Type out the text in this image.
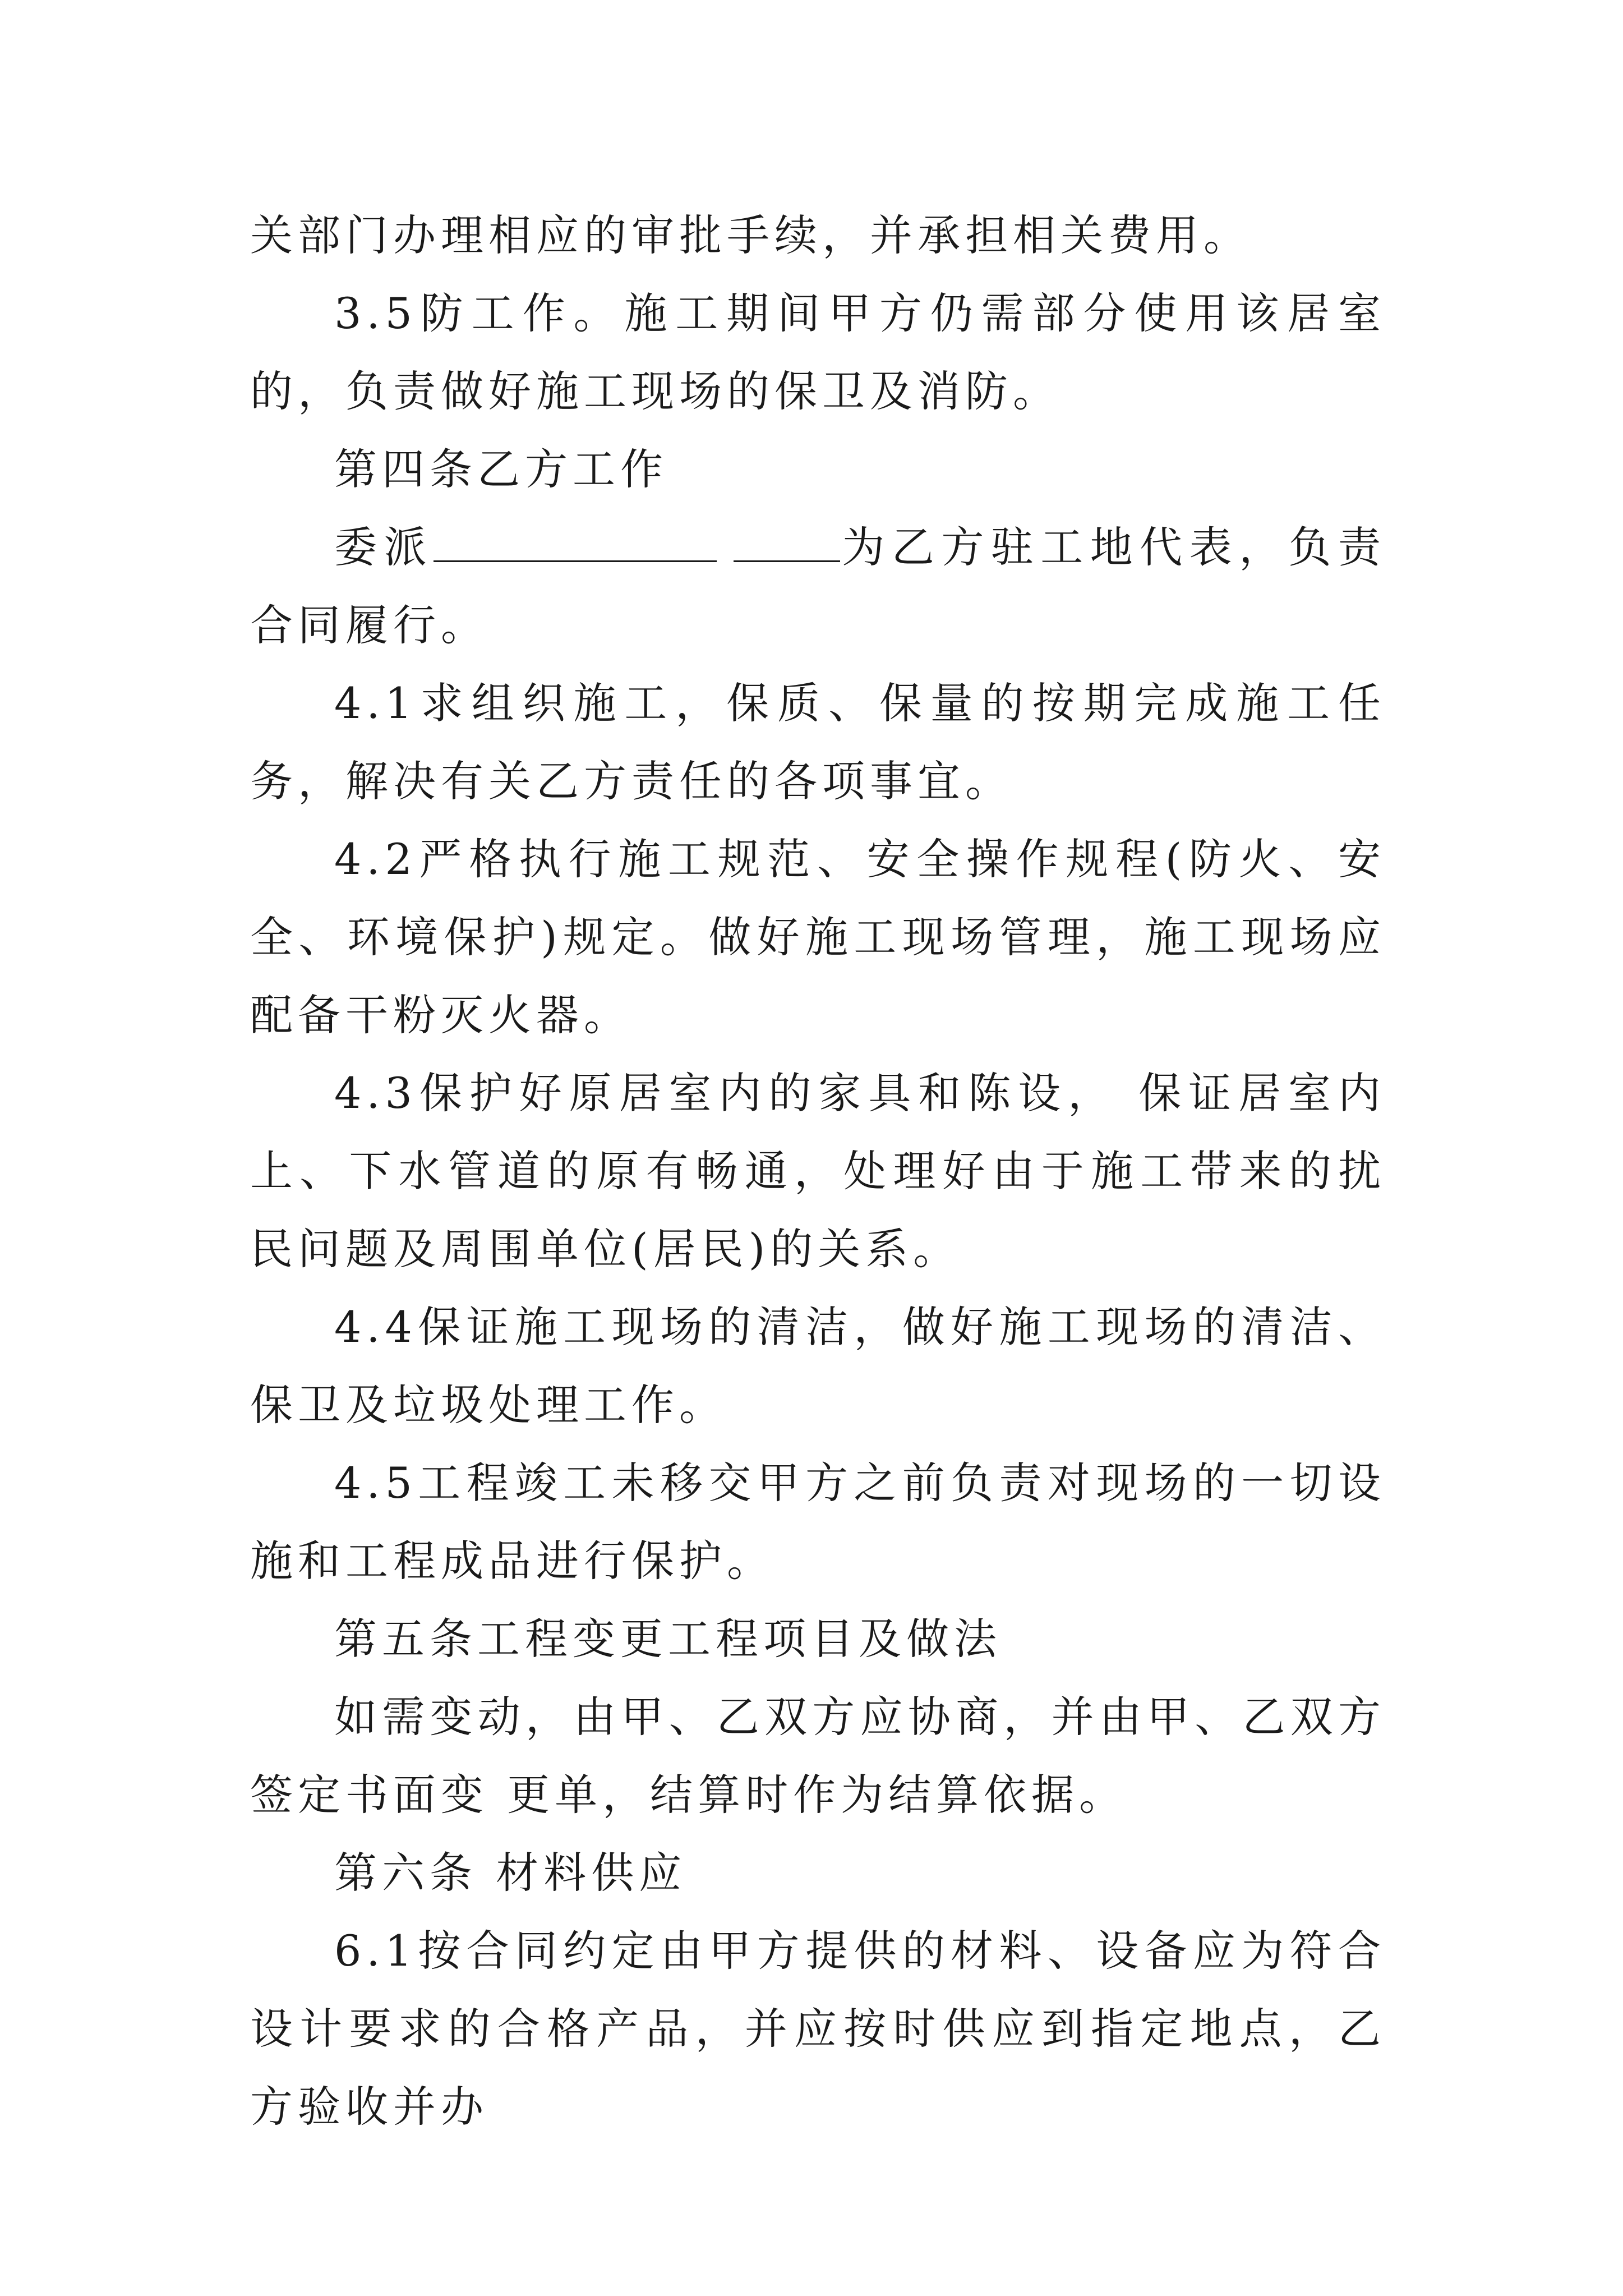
关部门办理相应的审批手续，并承担相关费用。

3.5防工作。施工期间甲方仍需部分使用该居室的，负责做好施工现场的保卫及消防。

第四条乙方工作

委派	为乙方驻工地代表，负责合同履行。

4.1求组织施工，保质、保量的按期完成施工任务，解决有关乙方责任的各项事宜。

4.2严格执行施工规范、安全操作规程(防火、安全、环境保护)规定。做好施工现场管理，施工现场应配备干粉灭火器。

4.3保护好原居室内的家具和陈设， 保证居室内上、下水管道的原有畅通，处理好由于施工带来的扰民问题及周围单位(居民)的关系。

4.4保证施工现场的清洁，做好施工现场的清洁、保卫及垃圾处理工作。

4.5工程竣工未移交甲方之前负责对现场的一切设施和工程成品进行保护。

第五条工程变更工程项目及做法

如需变动，由甲、乙双方应协商，并由甲、乙双方签定书面变 更单，结算时作为结算依据。

第六条 材料供应

6.1按合同约定由甲方提供的材料、设备应为符合设计要求的合格产品，并应按时供应到指定地点，乙方验收并办
